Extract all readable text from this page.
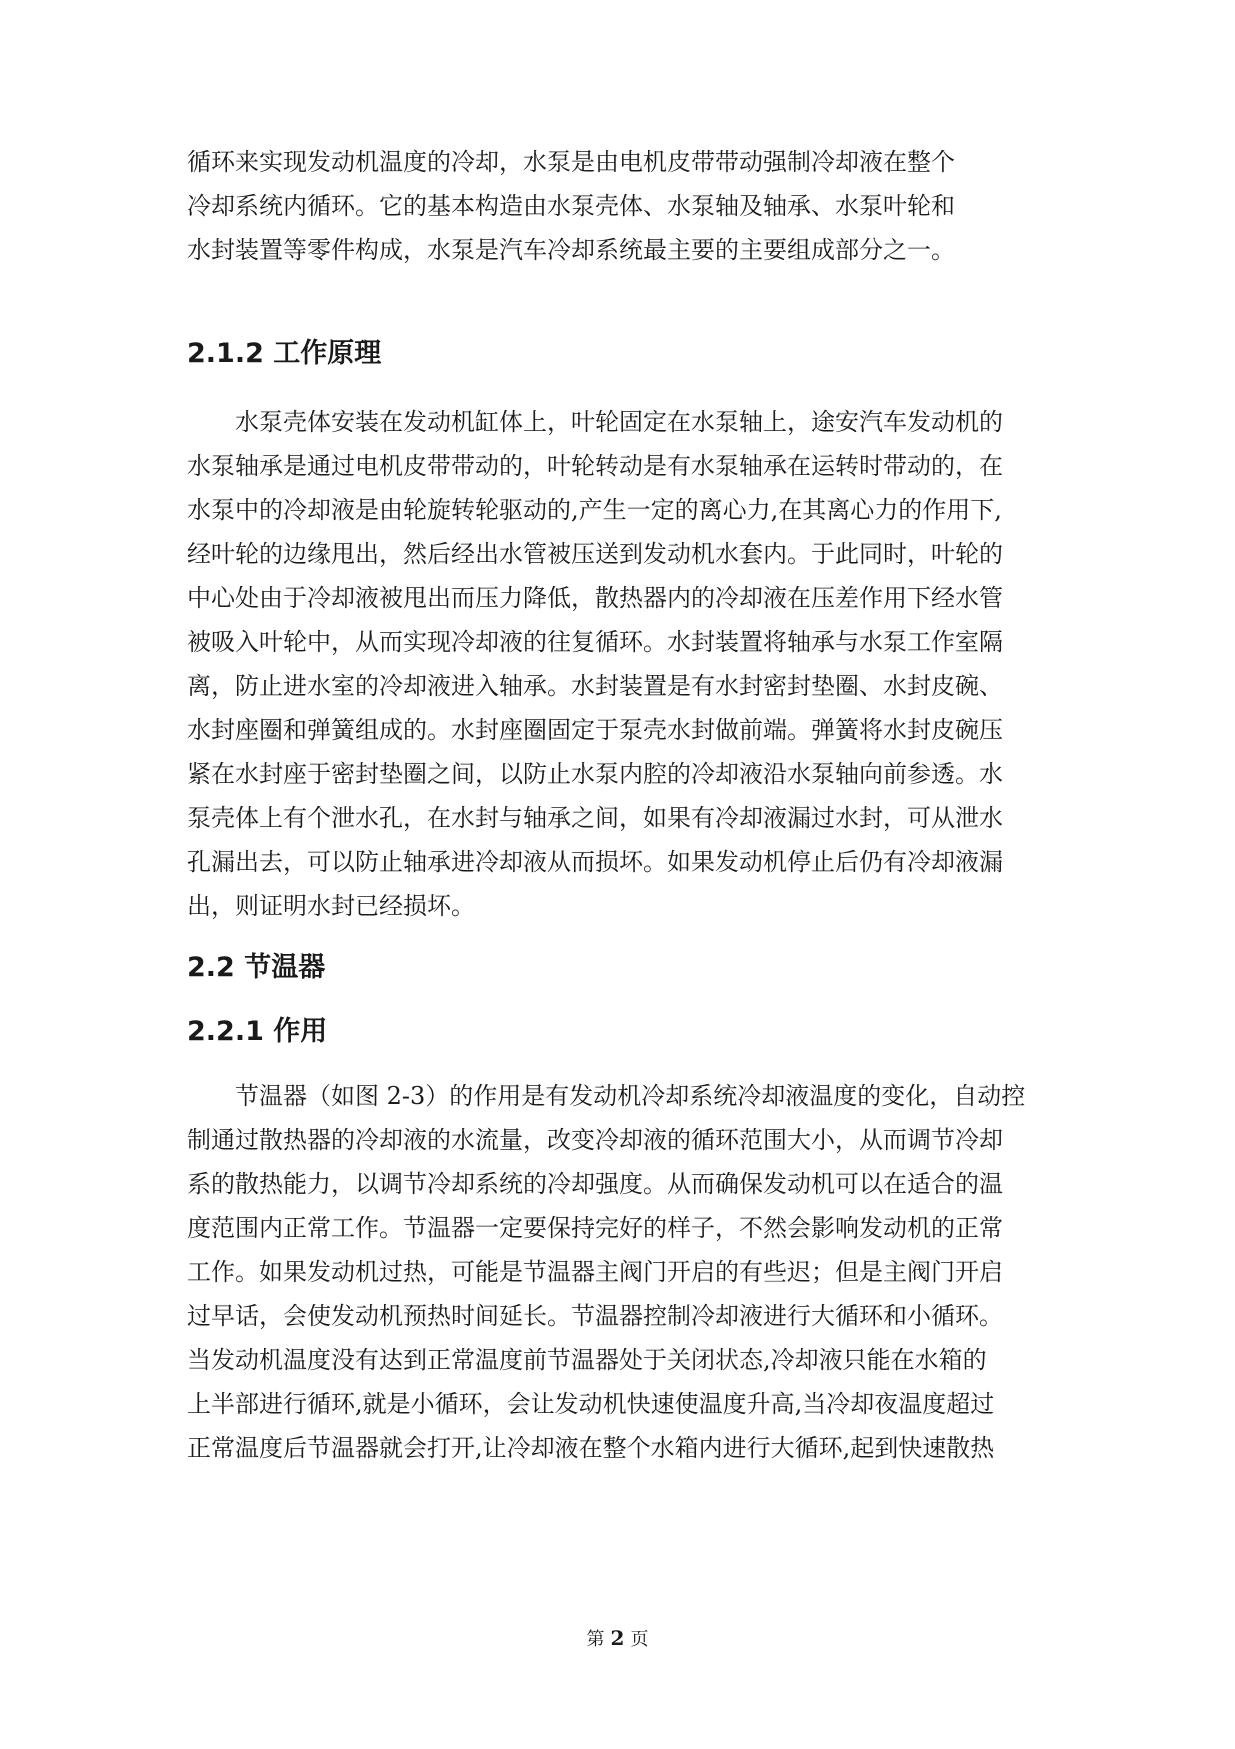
循环来实现发动机温度的冷却，水泵是由电机皮带带动强制冷却液在整个
冷却系统内循环。它的基本构造由水泵壳体、水泵轴及轴承、水泵叶轮和
水封装置等零件构成，水泵是汽车冷却系统最主要的主要组成部分之一。
2.1.2 工作原理
水泵壳体安装在发动机缸体上，叶轮固定在水泵轴上，途安汽车发动机的
水泵轴承是通过电机皮带带动的，叶轮转动是有水泵轴承在运转时带动的，在
水泵中的冷却液是由轮旋转轮驱动的,产生一定的离心力,在其离心力的作用下,
经叶轮的边缘甩出，然后经出水管被压送到发动机水套内。于此同时，叶轮的
中心处由于冷却液被甩出而压力降低，散热器内的冷却液在压差作用下经水管
被吸入叶轮中，从而实现冷却液的往复循环。水封装置将轴承与水泵工作室隔
离，防止进水室的冷却液进入轴承。水封装置是有水封密封垫圈、水封皮碗、
水封座圈和弹簧组成的。水封座圈固定于泵壳水封做前端。弹簧将水封皮碗压
紧在水封座于密封垫圈之间，以防止水泵内腔的冷却液沿水泵轴向前参透。水
泵壳体上有个泄水孔，在水封与轴承之间，如果有冷却液漏过水封，可从泄水
孔漏出去，可以防止轴承进冷却液从而损坏。如果发动机停止后仍有冷却液漏
出，则证明水封已经损坏。
2.2 节温器
2.2.1 作用
节温器（如图 2-3）的作用是有发动机冷却系统冷却液温度的变化，自动控
制通过散热器的冷却液的水流量，改变冷却液的循环范围大小，从而调节冷却
系的散热能力，以调节冷却系统的冷却强度。从而确保发动机可以在适合的温
度范围内正常工作。节温器一定要保持完好的样子，不然会影响发动机的正常
工作。如果发动机过热，可能是节温器主阀门开启的有些迟；但是主阀门开启
过早话，会使发动机预热时间延长。节温器控制冷却液进行大循环和小循环。
当发动机温度没有达到正常温度前节温器处于关闭状态,冷却液只能在水箱的
上半部进行循环,就是小循环，会让发动机快速使温度升高,当冷却夜温度超过
正常温度后节温器就会打开,让冷却液在整个水箱内进行大循环,起到快速散热
第 2 页
